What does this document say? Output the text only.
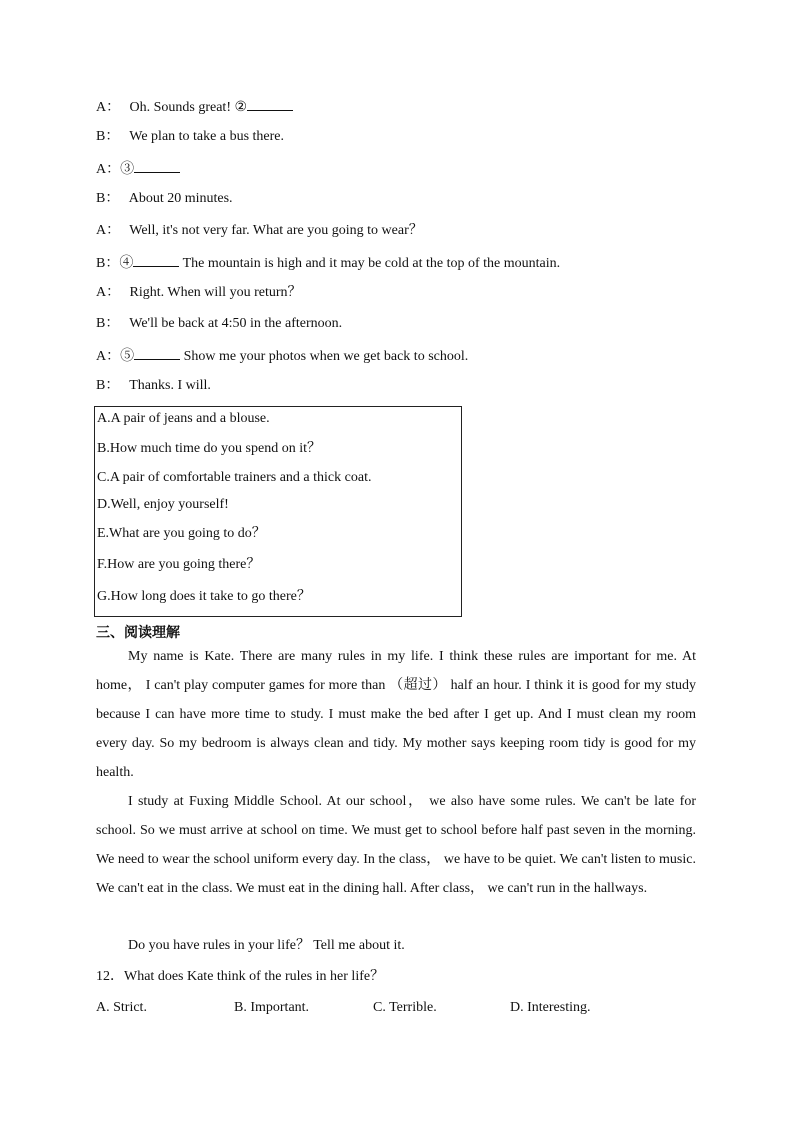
A： Oh. Sounds great! ②
B： We plan to take a bus there.
A：③
B： About 20 minutes.
A： Well, it's not very far. What are you going to wear？
B：④	The mountain is high and it may be cold at the top of the mountain.
A： Right. When will you return？
B： We'll be back at 4:50 in the afternoon.
A：⑤	Show me your photos when we get back to school.
B： Thanks. I will.
A.A pair of jeans and a blouse.
B.How much time do you spend on it？
C.A pair of comfortable trainers and a thick coat.
D.Well, enjoy yourself!
E.What are you going to do？
F.How are you going there？
G.How long does it take to go there？
三、阅读理解

My name is Kate. There are many rules in my life. I think these rules are important for me. At home， I can't play computer games for more than （超过） half an hour. I think it is good for my study because I can have more time to study. I must make the bed after I get up. And I must clean my room every day. So my bedroom is always clean and tidy. My mother says keeping room tidy is good for my health.

I study at Fuxing Middle School. At our school， we also have some rules. We can't be late for school. So we must arrive at school on time. We must get to school before half past seven in the morning. We need to wear the school uniform every day. In the class， we have to be quiet. We can't listen to music. We can't eat in the class. We must eat in the dining hall. After class， we can't run in the hallways.

Do you have rules in your life？ Tell me about it.
12．What does Kate think of the rules in her life？
A. Strict.	B. Important.	C. Terrible.	D. Interesting.
